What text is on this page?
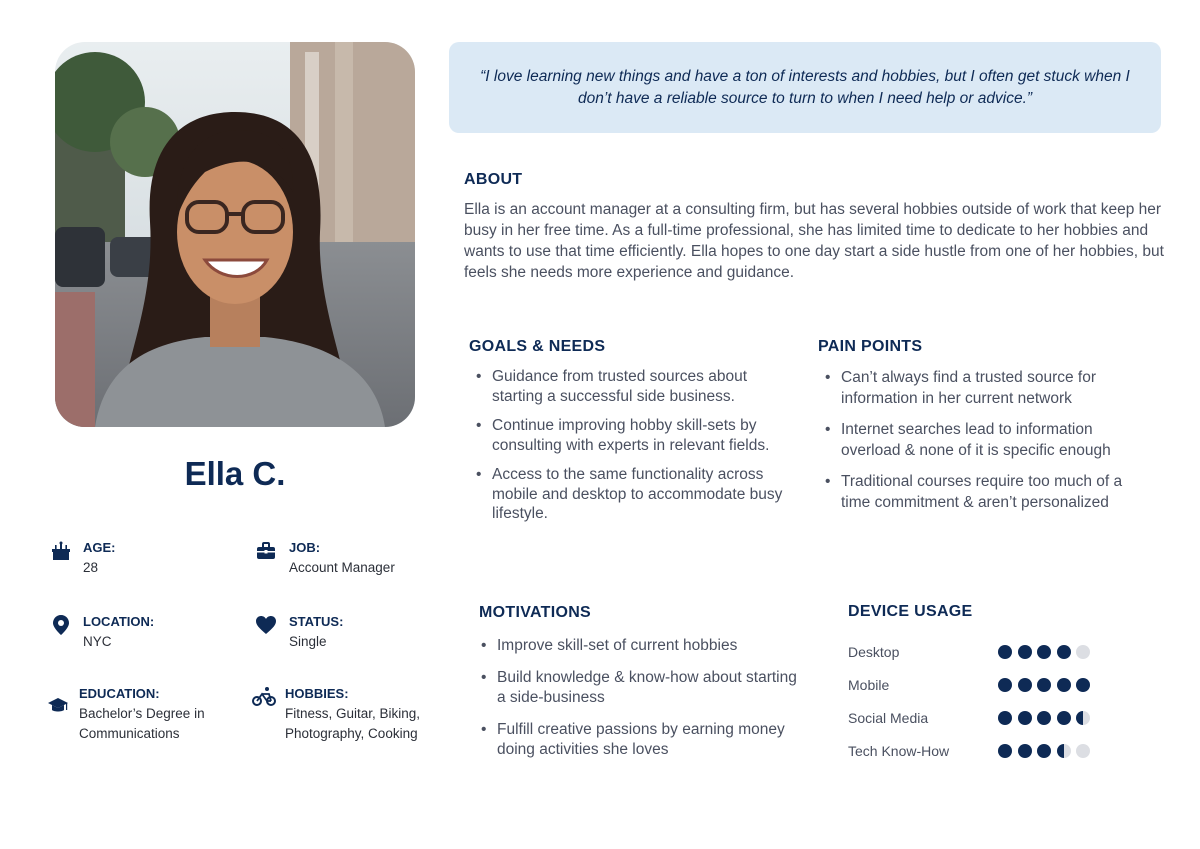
Ella C.
AGE:
28
JOB:
Account Manager
LOCATION:
NYC
STATUS:
Single
EDUCATION:
Bachelor’s Degree in Communications
HOBBIES:
Fitness, Guitar, Biking, Photography, Cooking

“I love learning new things and have a ton of interests and hobbies, but I often get stuck when I don’t have a reliable source to turn to when I need help or advice.”

ABOUT
Ella is an account manager at a consulting firm, but has several hobbies outside of work that keep her busy in her free time. As a full-time professional, she has limited time to dedicate to her hobbies and wants to use that time efficiently. Ella hopes to one day start a side hustle from one of her hobbies, but feels she needs more experience and guidance.
GOALS & NEEDS
• Guidance from trusted sources about starting a successful side business.
• Continue improving hobby skill-sets by consulting with experts in relevant fields.
• Access to the same functionality across mobile and desktop to accommodate busy lifestyle.
PAIN POINTS
• Can’t always find a trusted source for information in her current network
• Internet searches lead to information overload & none of it is specific enough
• Traditional courses require too much of a time commitment & aren’t personalized
MOTIVATIONS
• Improve skill-set of current hobbies
• Build knowledge & know-how about starting a side-business
• Fulfill creative passions by earning money doing activities she loves
DEVICE USAGE
Desktop
Mobile
Social Media
Tech Know-How
